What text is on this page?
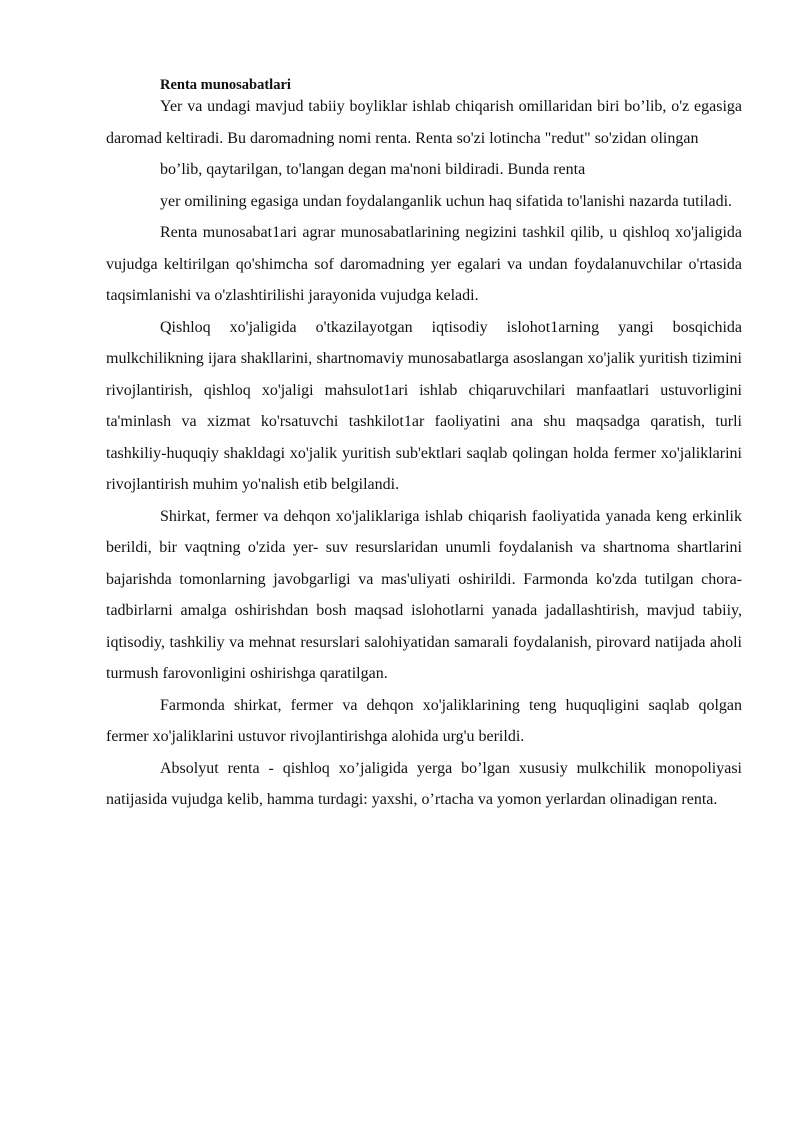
Renta munosabatlari

Yer va undagi mavjud tabiiy boyliklar ishlab chiqarish omillaridan biri bo’lib, o'z egasiga daromad keltiradi. Bu daromadning nomi renta. Renta so'zi lotincha "redut" so'zidan olingan

bo’lib, qaytarilgan, to'langan degan ma'noni bildiradi. Bunda renta

yer omilining egasiga undan foydalanganlik uchun haq sifatida to'lanishi nazarda tutiladi.

Renta munosabat1ari agrar munosabatlarining negizini tashkil qilib, u qishloq xo'jaligida vujudga keltirilgan qo'shimcha sof daromadning yer egalari va undan foydalanuvchilar o'rtasida taqsimlanishi va o'zlashtirilishi jarayonida vujudga keladi.

Qishloq xo'jaligida o'tkazilayotgan iqtisodiy islohot1arning yangi bosqichida mulkchilikning ijara shakllarini, shartnomaviy munosabatlarga asoslangan xo'jalik yuritish tizimini rivojlantirish, qishloq xo'jaligi mahsulot1ari ishlab chiqaruvchilari manfaatlari ustuvorligini ta'minlash va xizmat ko'rsatuvchi tashkilot1ar faoliyatini ana shu maqsadga qaratish, turli tashkiliy-huquqiy shakldagi xo'jalik yuritish sub'ektlari saqlab qolingan holda fermer xo'jaliklarini rivojlantirish muhim yo'nalish etib belgilandi.

Shirkat, fermer va dehqon xo'jaliklariga ishlab chiqarish faoliyatida yanada keng erkinlik berildi, bir vaqtning o'zida yer- suv resurslaridan unumli foydalanish va shartnoma shartlarini bajarishda tomonlarning javobgarligi va mas'uliyati oshirildi. Farmonda ko'zda tutilgan chora-tadbirlarni amalga oshirishdan bosh maqsad islohotlarni yanada jadallashtirish, mavjud tabiiy, iqtisodiy, tashkiliy va mehnat resurslari salohiyatidan samarali foydalanish, pirovard natijada aholi turmush farovonligini oshirishga qaratilgan.

Farmonda shirkat, fermer va dehqon xo'jaliklarining teng huquqligini saqlab qolgan fermer xo'jaliklarini ustuvor rivojlantirishga alohida urg'u berildi.

Absolyut renta - qishloq xo’jaligida yerga bo’lgan xususiy mulkchilik monopoliyasi natijasida vujudga kelib, hamma turdagi: yaxshi, o’rtacha va yomon yerlardan olinadigan renta.
